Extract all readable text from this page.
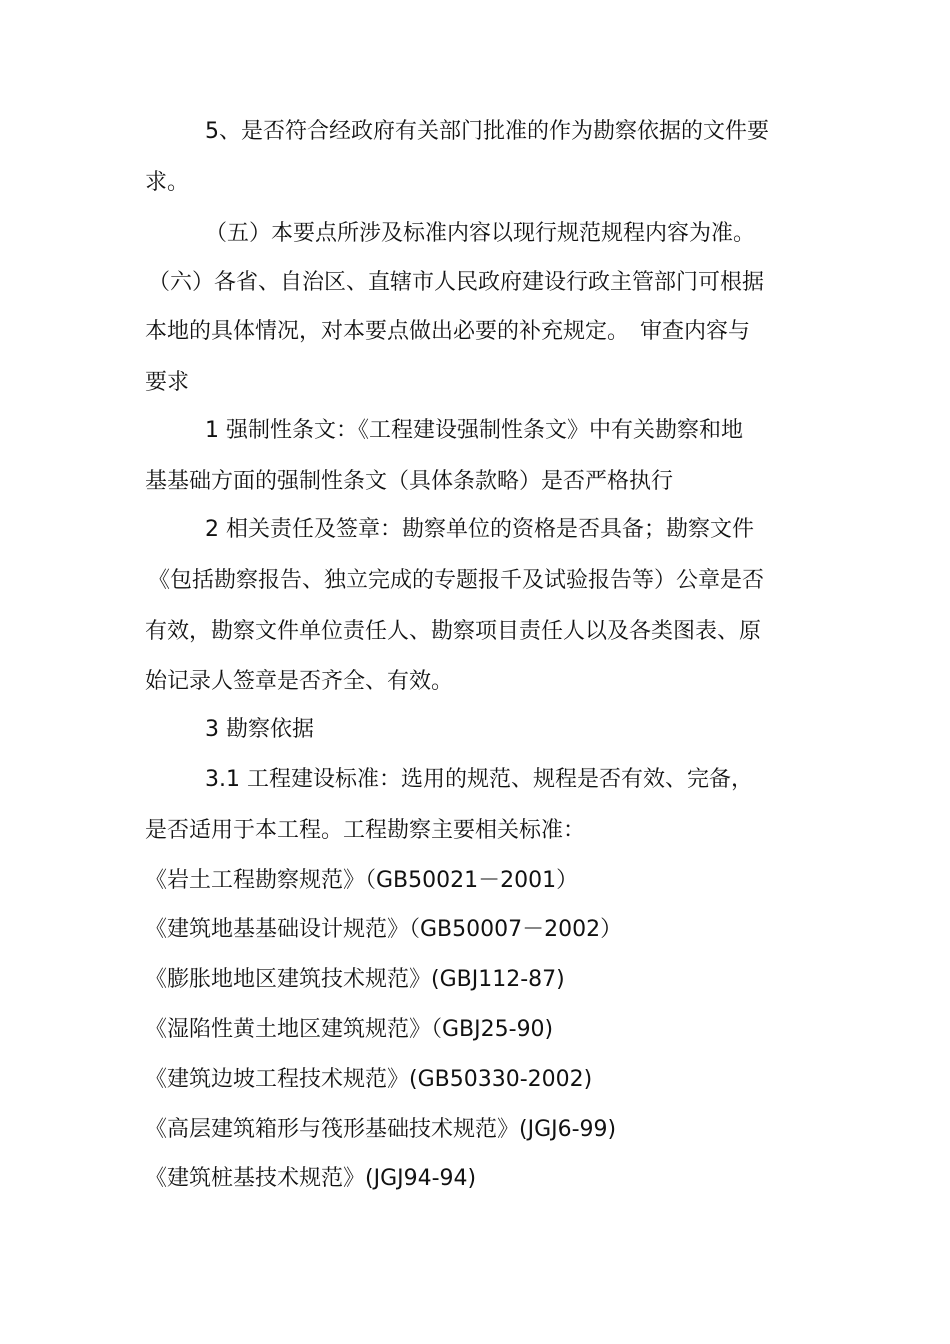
5、是否符合经政府有关部门批准的作为勘察依据的文件要
求。
（五）本要点所涉及标准内容以现行规范规程内容为准。
（六）各省、自治区、直辖市人民政府建设行政主管部门可根据
本地的具体情况，对本要点做出必要的补充规定。　审查内容与
要求
1 强制性条文：《工程建设强制性条文》中有关勘察和地
基基础方面的强制性条文（具体条款略）是否严格执行
2 相关责任及签章：勘察单位的资格是否具备；勘察文件
《包括勘察报告、独立完成的专题报千及试验报告等）公章是否
有效，勘察文件单位责任人、勘察项目责任人以及各类图表、原
始记录人签章是否齐全、有效。
3 勘察依据
3.1 工程建设标准：选用的规范、规程是否有效、完备，
是否适用于本工程。工程勘察主要相关标准：
《岩土工程勘察规范》（GB50021－2001）
《建筑地基基础设计规范》（GB50007－2002）
《膨胀地地区建筑技术规范》(GBJ112-87)
《湿陷性黄土地区建筑规范》（GBJ25-90)
《建筑边坡工程技术规范》(GB50330-2002)
《高层建筑箱形与筏形基础技术规范》(JGJ6-99)
《建筑桩基技术规范》(JGJ94-94)
